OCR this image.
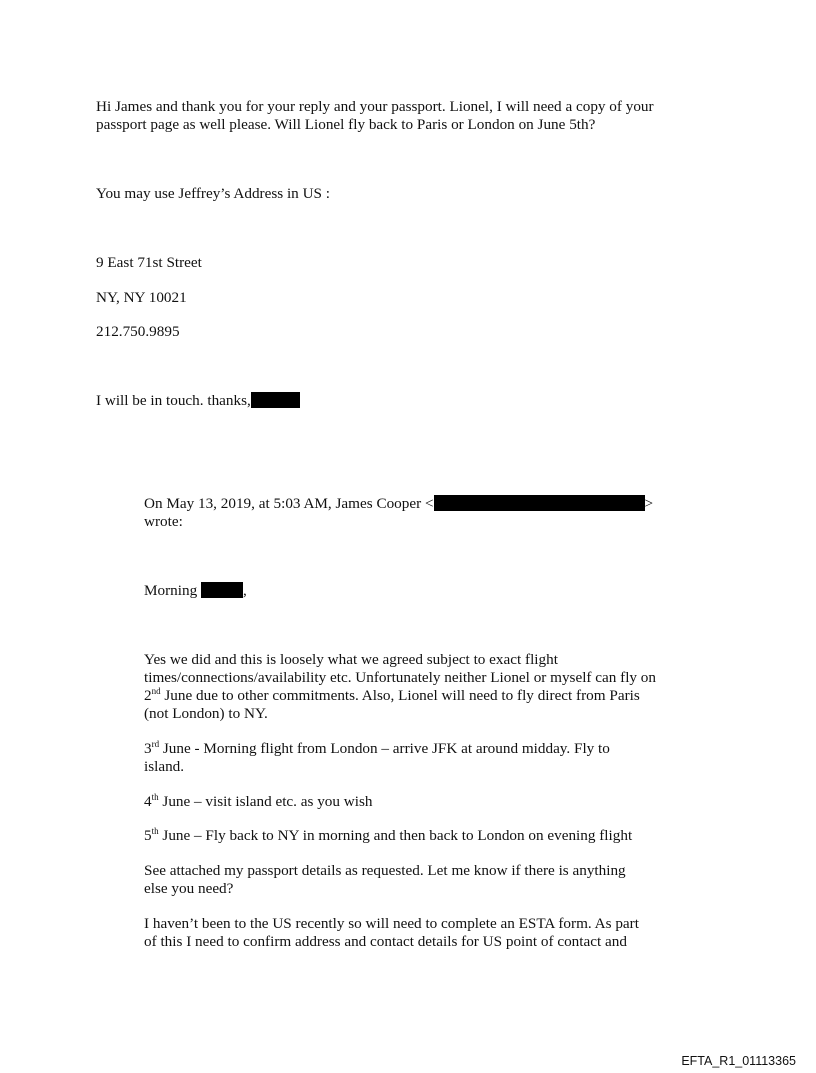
Hi James and thank you for your reply and your passport. Lionel, I will need a copy of your

passport page as well please. Will Lionel fly back to Paris or London on June 5th?

You may use Jeffrey’s Address in US :

9 East 71st Street

NY, NY 10021

212.750.9895

I will be in touch. thanks,

On May 13, 2019, at 5:03 AM, James Cooper <	>

wrote:

Morning	,

Yes we did and this is loosely what we agreed subject to exact flight

times/connections/availability etc. Unfortunately neither Lionel or myself can fly on

2nd June due to other commitments. Also, Lionel will need to fly direct from Paris

(not London) to NY.

3rd June - Morning flight from London – arrive JFK at around midday. Fly to

island.

4th June – visit island etc. as you wish

5th June – Fly back to NY in morning and then back to London on evening flight

See attached my passport details as requested. Let me know if there is anything

else you need?

I haven’t been to the US recently so will need to complete an ESTA form. As part

of this I need to confirm address and contact details for US point of contact and

EFTA_R1_01113365
